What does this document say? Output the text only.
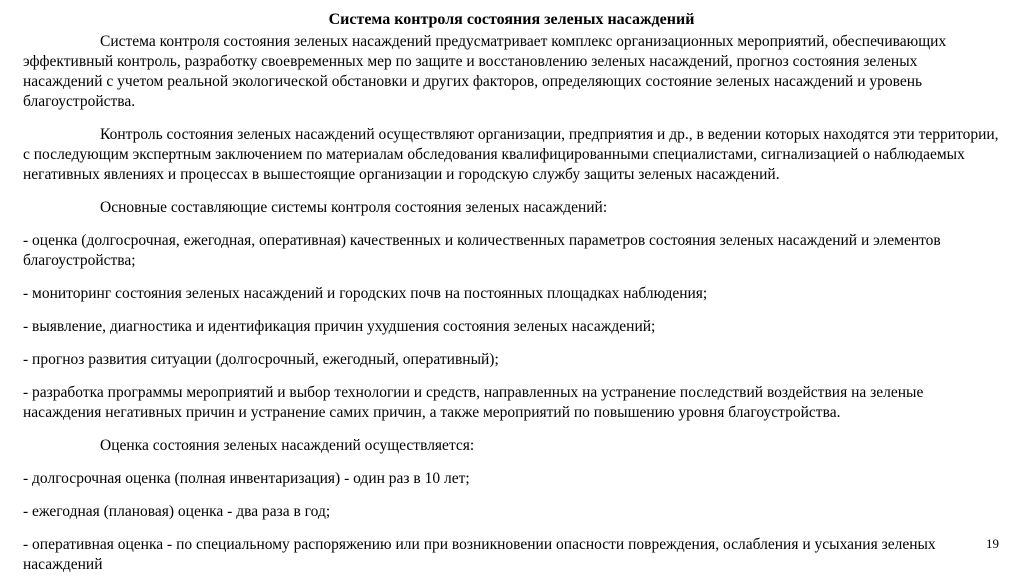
Система контроля состояния зеленых насаждений

Система контроля состояния зеленых насаждений предусматривает комплекс организационных мероприятий, обеспечивающих эффективный контроль, разработку своевременных мер по защите и восстановлению зеленых насаждений, прогноз состояния зеленых насаждений с учетом реальной экологической обстановки и других факторов, определяющих состояние зеленых насаждений и уровень благоустройства.

Контроль состояния зеленых насаждений осуществляют организации, предприятия и др., в ведении которых находятся эти территории, с последующим экспертным заключением по материалам обследования квалифицированными специалистами, сигнализацией о наблюдаемых негативных явлениях и процессах в вышестоящие организации и городскую службу защиты зеленых насаждений.

Основные составляющие системы контроля состояния зеленых насаждений:

- оценка (долгосрочная, ежегодная, оперативная) качественных и количественных параметров состояния зеленых насаждений и элементов благоустройства;

- мониторинг состояния зеленых насаждений и городских почв на постоянных площадках наблюдения;

- выявление, диагностика и идентификация причин ухудшения состояния зеленых насаждений;

- прогноз развития ситуации (долгосрочный, ежегодный, оперативный);

- разработка программы мероприятий и выбор технологии и средств, направленных на устранение последствий воздействия на зеленые насаждения негативных причин и устранение самих причин, а также мероприятий по повышению уровня благоустройства.

Оценка состояния зеленых насаждений осуществляется:

- долгосрочная оценка (полная инвентаризация) - один раз в 10 лет;

- ежегодная (плановая) оценка - два раза в год;

- оперативная оценка - по специальному распоряжению или при возникновении опасности повреждения, ослабления и усыхания зеленых насаждений

19
